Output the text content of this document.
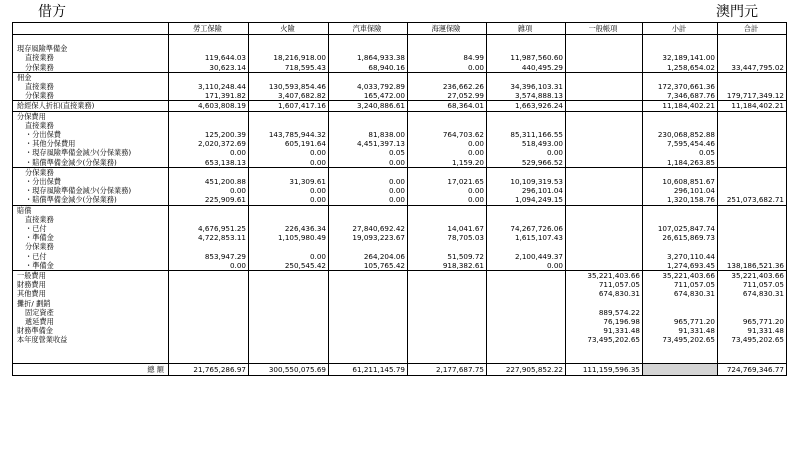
借方	澳門元
	勞工保險	火險	汽車保險	海運保險	雜項	一般帳項	小計	合計

現存風險準備金								
直接業務	119,644.03	18,216,918.00	1,864,933.38	84.99	11,987,560.60		32,189,141.00	
分保業務	30,623.14	718,595.43	68,940.16	0.00	440,495.29		1,258,654.02	33,447,795.02
佣金								
直接業務	3,110,248.44	130,593,854.46	4,033,792.89	236,662.26	34,396,103.31		172,370,661.36	
分保業務	171,391.82	3,407,682.82	165,472.00	27,052.99	3,574,888.13		7,346,687.76	179,717,349.12
給經保人折扣(直接業務)	4,603,808.19	1,607,417.16	3,240,886.61	68,364.01	1,663,926.24		11,184,402.21	11,184,402.21
分保費用								
直接業務								
・分出保費	125,200.39	143,785,944.32	81,838.00	764,703.62	85,311,166.55		230,068,852.88	
・其他分保費用	2,020,372.69	605,191.64	4,451,397.13	0.00	518,493.00		7,595,454.46	
・現存風險準備金減少(分保業務)	0.00	0.00	0.05	0.00	0.00		0.05	
・賠償準備金減少(分保業務)	653,138.13	0.00	0.00	1,159.20	529,966.52		1,184,263.85	
分保業務								
・分出保費	451,200.88	31,309.61	0.00	17,021.65	10,109,319.53		10,608,851.67	
・現存風險準備金減少(分保業務)	0.00	0.00	0.00	0.00	296,101.04		296,101.04	
・賠償準備金減少(分保業務)	225,909.61	0.00	0.00	0.00	1,094,249.15		1,320,158.76	251,073,682.71
賠償								
直接業務								
・已付	4,676,951.25	226,436.34	27,840,692.42	14,041.67	74,267,726.06		107,025,847.74	
・準備金	4,722,853.11	1,105,980.49	19,093,223.67	78,705.03	1,615,107.43		26,615,869.73	
分保業務								
・已付	853,947.29	0.00	264,204.06	51,509.72	2,100,449.37		3,270,110.44	
・準備金	0.00	250,545.42	105,765.42	918,382.61	0.00		1,274,693.45	138,186,521.36
一般費用						35,221,403.66	35,221,403.66	35,221,403.66
財務費用						711,057.05	711,057.05	711,057.05
其他費用						674,830.31	674,830.31	674,830.31
攤折/ 劃銷								
固定資產						889,574.22		
遞延費用						76,196.98	965,771.20	965,771.20
財務準備金						91,331.48	91,331.48	91,331.48
本年度營業收益						73,495,202.65	73,495,202.65	73,495,202.65

總 額	21,765,286.97	300,550,075.69	61,211,145.79	2,177,687.75	227,905,852.22	111,159,596.35		724,769,346.77
